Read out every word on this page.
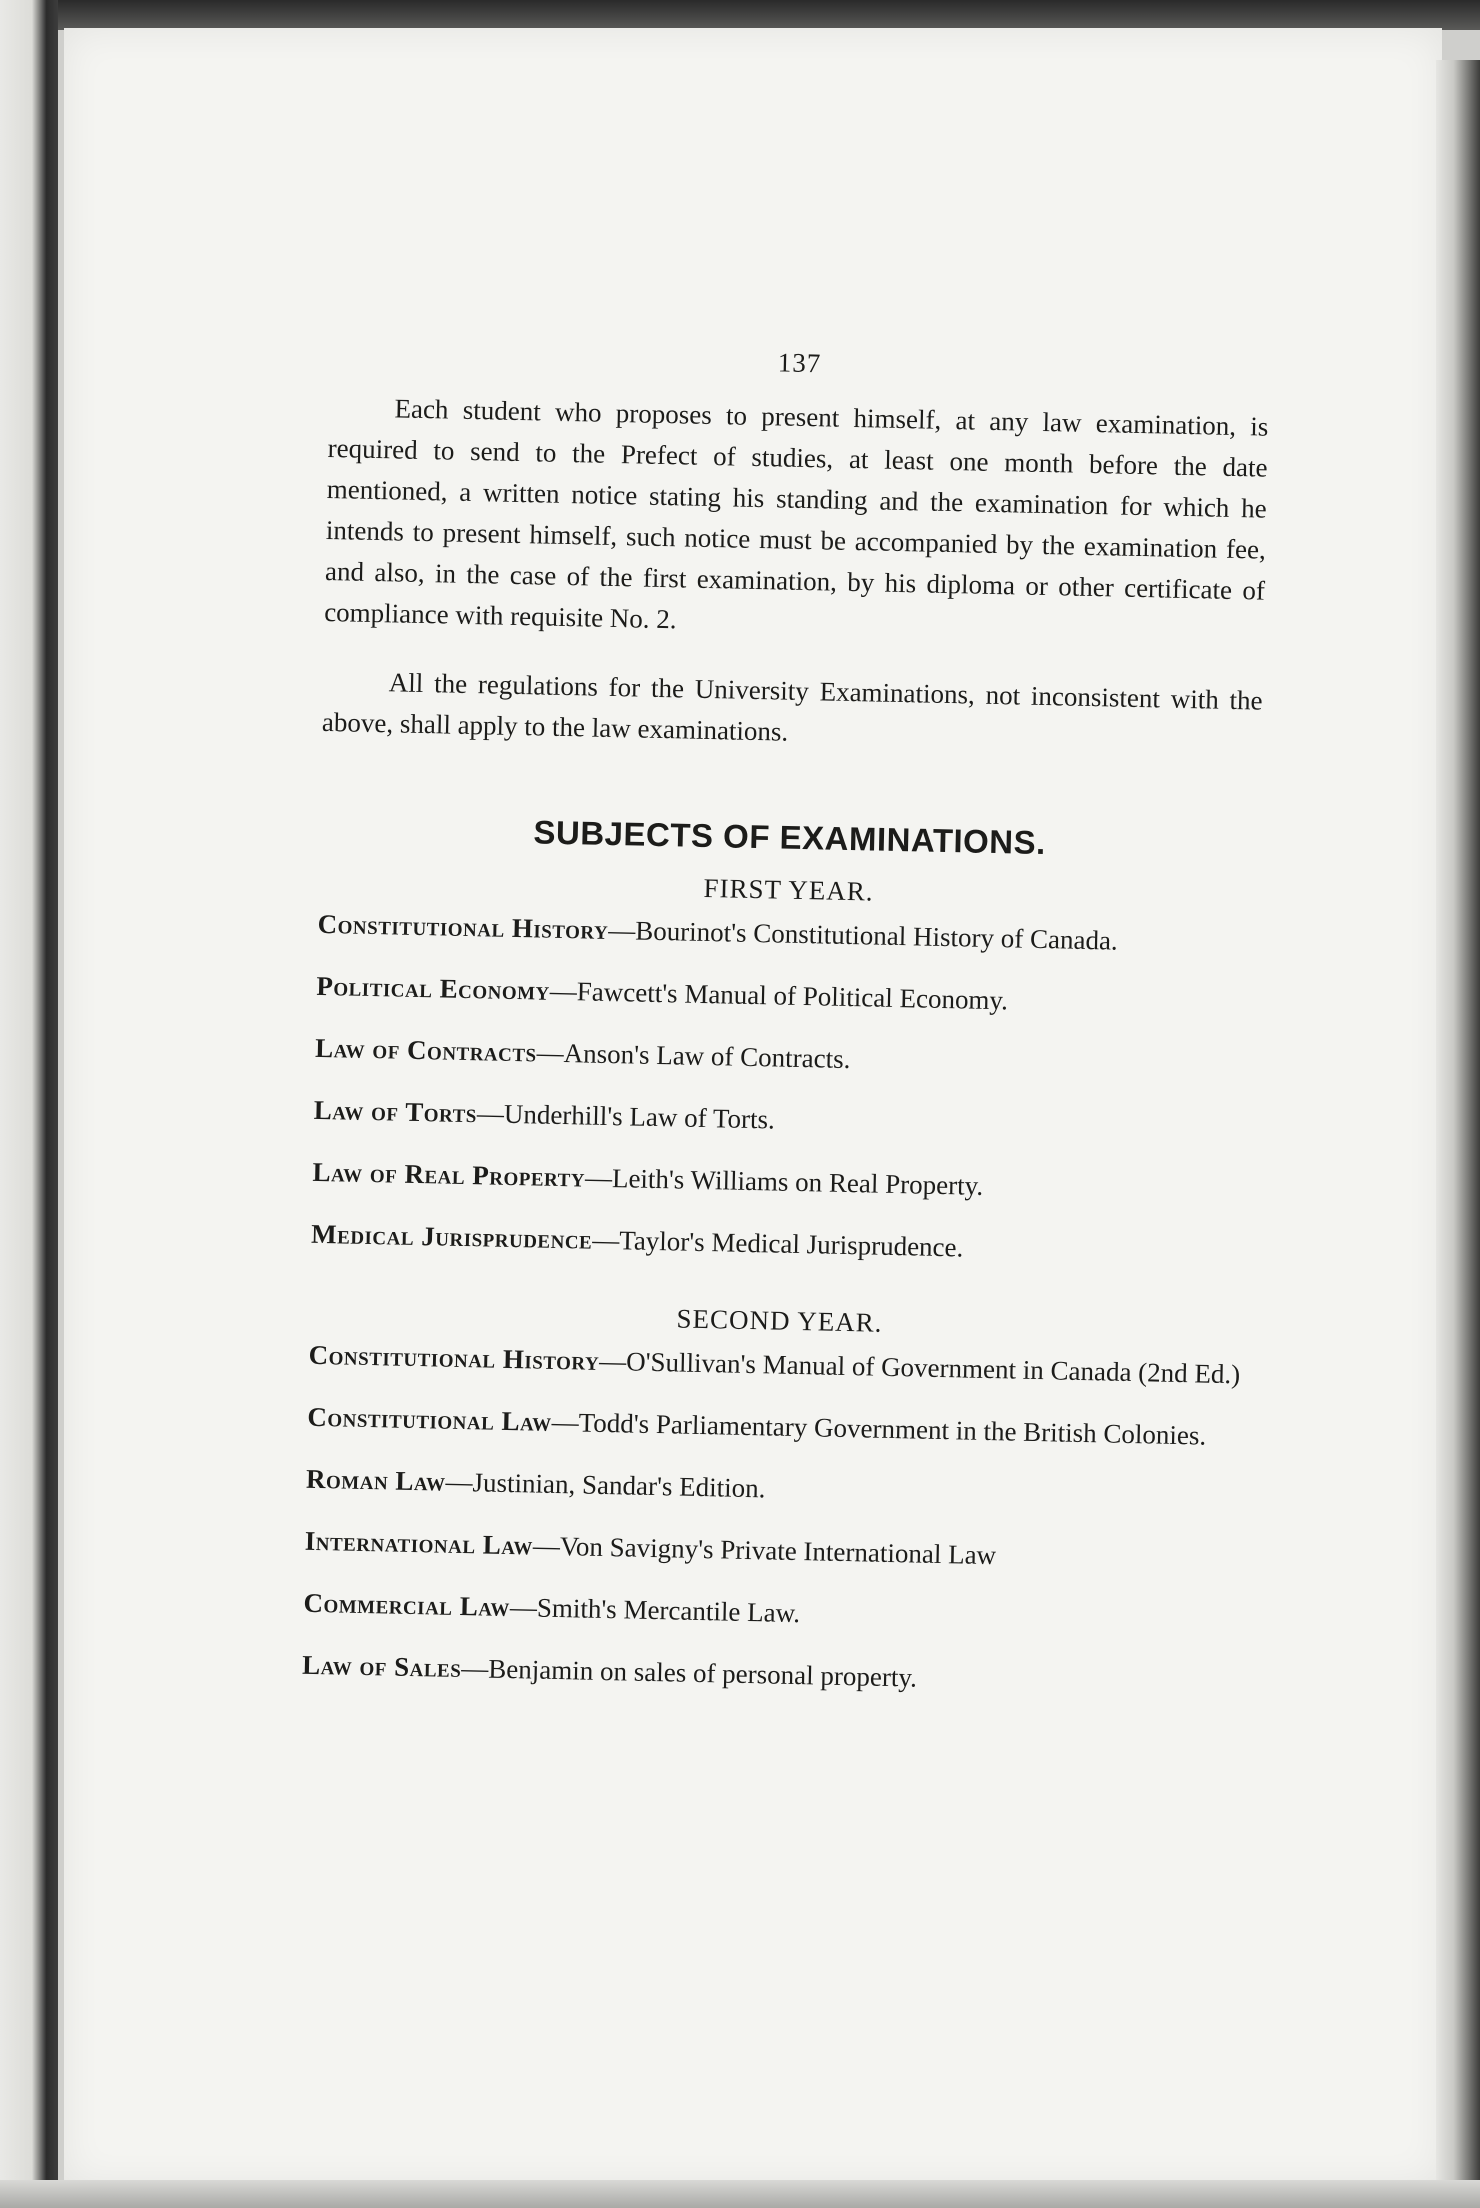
137

Each student who proposes to present himself, at any law examination, is required to send to the Prefect of studies, at least one month before the date mentioned, a written notice stating his standing and the examination for which he intends to present himself, such notice must be accompanied by the examination fee, and also, in the case of the first examination, by his diploma or other certificate of compliance with requisite No. 2.

All the regulations for the University Examinations, not inconsistent with the above, shall apply to the law examinations.

SUBJECTS OF EXAMINATIONS.
FIRST YEAR.
Constitutional History—Bourinot's Constitutional History of Canada.
Political Economy—Fawcett's Manual of Political Economy.
Law of Contracts—Anson's Law of Contracts.
Law of Torts—Underhill's Law of Torts.
Law of Real Property—Leith's Williams on Real Property.
Medical Jurisprudence—Taylor's Medical Jurisprudence.
SECOND YEAR.
Constitutional History—O'Sullivan's Manual of Government in Canada (2nd Ed.)
Constitutional Law—Todd's Parliamentary Government in the British Colonies.
Roman Law—Justinian, Sandar's Edition.
International Law—Von Savigny's Private International Law
Commercial Law—Smith's Mercantile Law.
Law of Sales—Benjamin on sales of personal property.
